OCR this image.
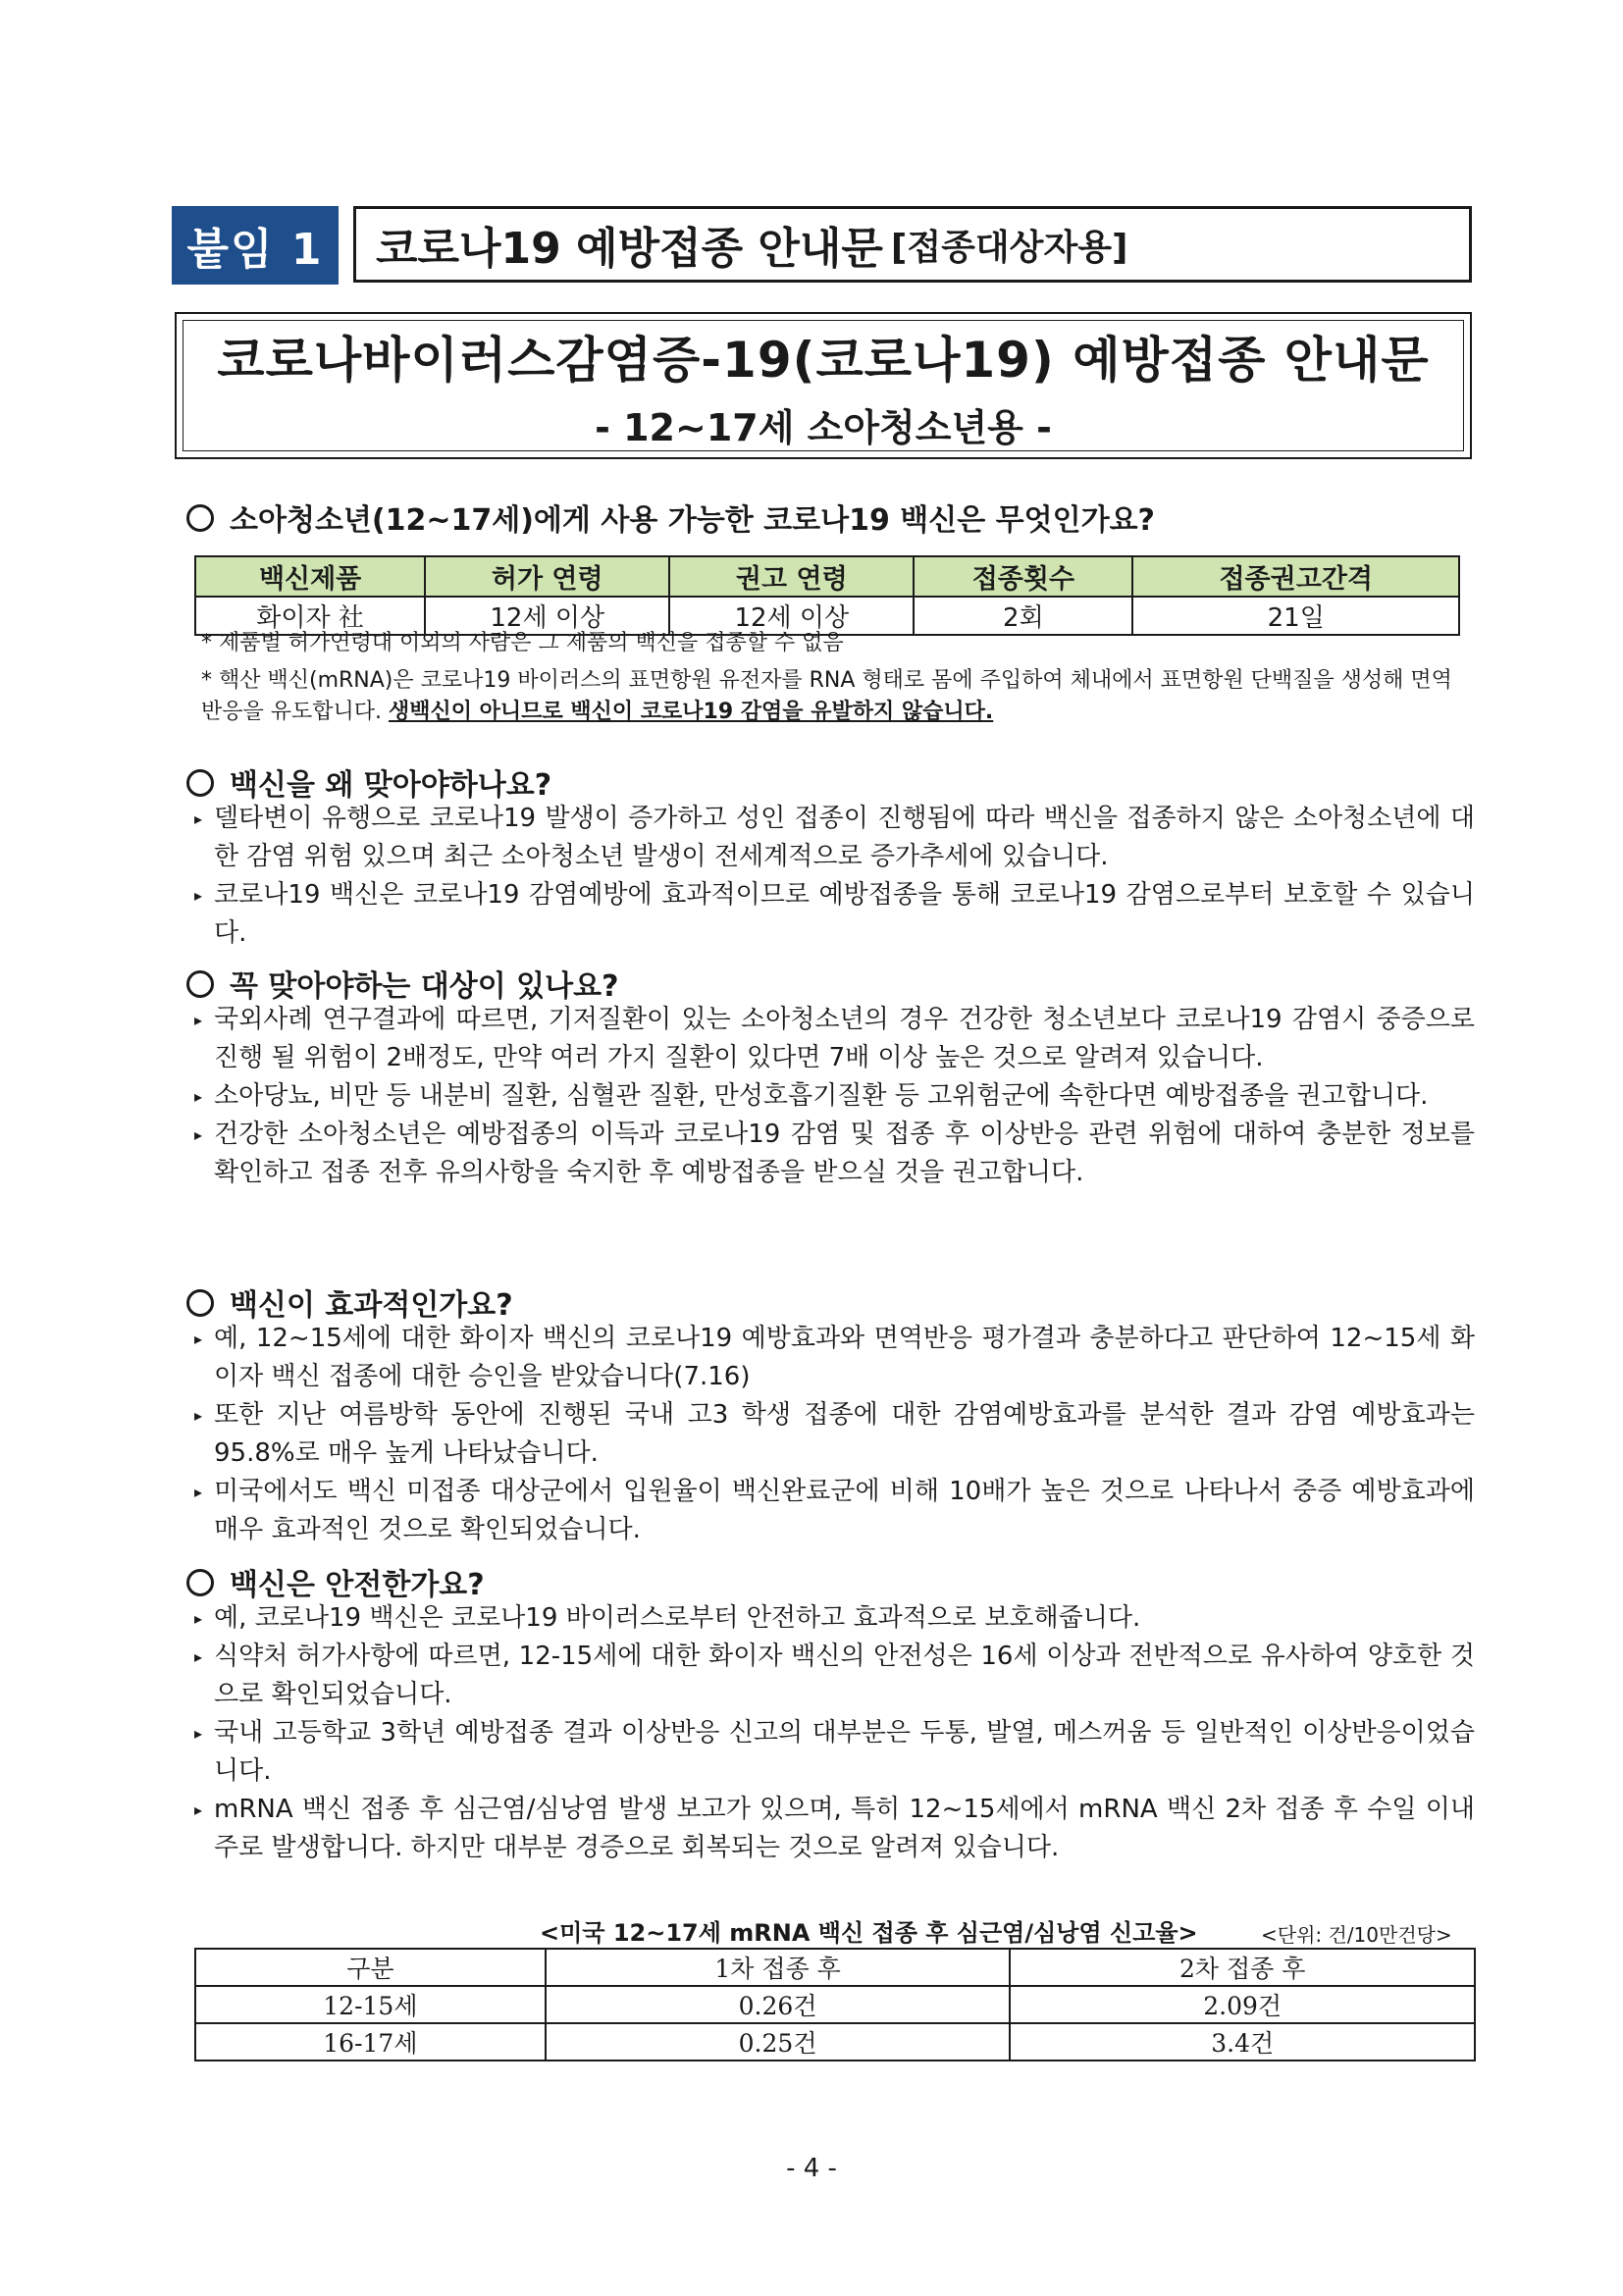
붙임 1	코로나19 예방접종 안내문 [접종대상자용]
코로나바이러스감염증-19(코로나19) 예방접종 안내문
- 12~17세 소아청소년용 -
소아청소년(12~17세)에게 사용 가능한 코로나19 백신은 무엇인가요?
백신제품	허가 연령	권고 연령	접종횟수	접종권고간격
화이자 社	12세 이상	12세 이상	2회	21일
* 제품별 허가연령대 이외의 사람은 그 제품의 백신을 접종할 수 없음
* 핵산 백신(mRNA)은 코로나19 바이러스의 표면항원 유전자를 RNA 형태로 몸에 주입하여 체내에서 표면항원 단백질을 생성해 면역반응을 유도합니다. 생백신이 아니므로 백신이 코로나19 감염을 유발하지 않습니다.
백신을 왜 맞아야하나요?
▸ 델타변이 유행으로 코로나19 발생이 증가하고 성인 접종이 진행됨에 따라 백신을 접종하지 않은 소아청소년에 대한 감염 위험 있으며 최근 소아청소년 발생이 전세계적으로 증가추세에 있습니다.
▸ 코로나19 백신은 코로나19 감염예방에 효과적이므로 예방접종을 통해 코로나19 감염으로부터 보호할 수 있습니다.
꼭 맞아야하는 대상이 있나요?
▸ 국외사례 연구결과에 따르면, 기저질환이 있는 소아청소년의 경우 건강한 청소년보다 코로나19 감염시 중증으로 진행 될 위험이 2배정도, 만약 여러 가지 질환이 있다면 7배 이상 높은 것으로 알려져 있습니다.
▸ 소아당뇨, 비만 등 내분비 질환, 심혈관 질환, 만성호흡기질환 등 고위험군에 속한다면 예방접종을 권고합니다.
▸ 건강한 소아청소년은 예방접종의 이득과 코로나19 감염 및 접종 후 이상반응 관련 위험에 대하여 충분한 정보를 확인하고 접종 전후 유의사항을 숙지한 후 예방접종을 받으실 것을 권고합니다.
백신이 효과적인가요?
▸ 예, 12~15세에 대한 화이자 백신의 코로나19 예방효과와 면역반응 평가결과 충분하다고 판단하여 12~15세 화이자 백신 접종에 대한 승인을 받았습니다(7.16)
▸ 또한 지난 여름방학 동안에 진행된 국내 고3 학생 접종에 대한 감염예방효과를 분석한 결과 감염 예방효과는 95.8%로 매우 높게 나타났습니다.
▸ 미국에서도 백신 미접종 대상군에서 입원율이 백신완료군에 비해 10배가 높은 것으로 나타나서 중증 예방효과에 매우 효과적인 것으로 확인되었습니다.
백신은 안전한가요?
▸ 예, 코로나19 백신은 코로나19 바이러스로부터 안전하고 효과적으로 보호해줍니다.
▸ 식약처 허가사항에 따르면, 12-15세에 대한 화이자 백신의 안전성은 16세 이상과 전반적으로 유사하여 양호한 것으로 확인되었습니다.
▸ 국내 고등학교 3학년 예방접종 결과 이상반응 신고의 대부분은 두통, 발열, 메스꺼움 등 일반적인 이상반응이었습니다.
▸ mRNA 백신 접종 후 심근염/심낭염 발생 보고가 있으며, 특히 12~15세에서 mRNA 백신 2차 접종 후 수일 이내 주로 발생합니다. 하지만 대부분 경증으로 회복되는 것으로 알려져 있습니다.
<미국 12~17세 mRNA 백신 접종 후 심근염/심낭염 신고율>	<단위: 건/10만건당>
구분	1차 접종 후	2차 접종 후
12-15세	0.26건	2.09건
16-17세	0.25건	3.4건
- 4 -
